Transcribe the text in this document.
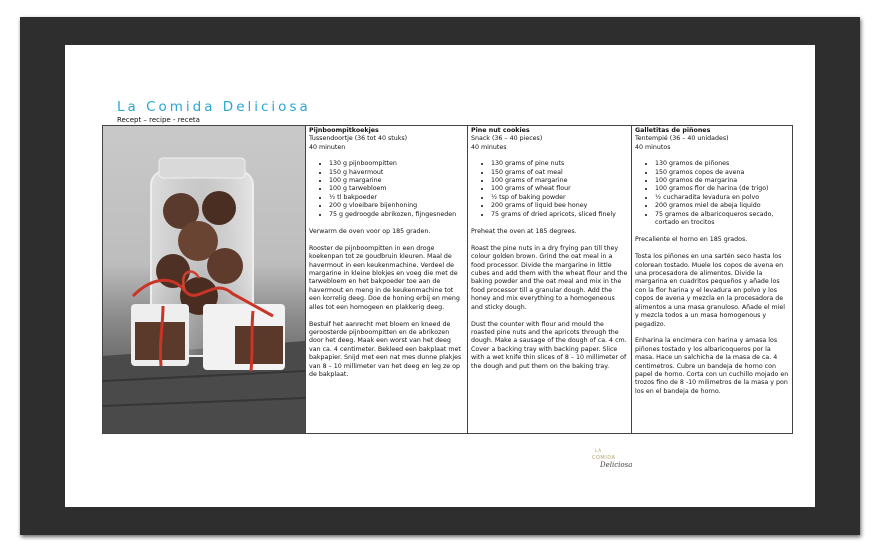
La Comida Deliciosa
Recept – recipe - receta
Pijnboompitkoekjes
Tussendoortje (36 tot 40 stuks)
40 minuten
• 130 g pijnboompitten
• 150 g havermout
• 100 g margarine
• 100 g tarwebloem
• ½ tl bakpoeder
• 200 g vloeibare bijenhoning
• 75 g gedroogde abrikozen, fijngesneden

Verwarm de oven voor op 185 graden.

Rooster de pijnboompitten in een droge koekenpan tot ze goudbruin kleuren. Maal de havermout in een keukenmachine. Verdeel de margarine in kleine blokjes en voeg die met de tarwebloem en het bakpoeder toe aan de havermout en meng in de keukenmachine tot een korrelig deeg. Doe de honing erbij en meng alles tot een homogeen en plakkerig deeg.

Bestuif het aanrecht met bloem en kneed de geroosterde pijnboompitten en de abrikozen door het deeg. Maak een worst van het deeg van ca. 4 centimeter. Bekleed een bakplaat met bakpapier. Snijd met een nat mes dunne plakjes van 8 – 10 millimeter van het deeg en leg ze op de bakplaat.

Pine nut cookies
Snack (36 – 40 pieces)
40 minutes
• 130 grams of pine nuts
• 150 grams of oat meal
• 100 grams of margarine
• 100 grams of wheat flour
• ½ tsp of baking powder
• 200 grams of liquid bee honey
• 75 grams of dried apricots, sliced finely

Preheat the oven at 185 degrees.

Roast the pine nuts in a dry frying pan till they colour golden brown. Grind the oat meal in a food processor. Divide the margarine in little cubes and add them with the wheat flour and the baking powder and the oat meal and mix in the food processor till a granular dough. Add the honey and mix everything to a homogeneous and sticky dough.

Dust the counter with flour and mould the roasted pine nuts and the apricots through the dough. Make a sausage of the dough of ca. 4 cm. Cover a backing tray with backing paper. Slice with a wet knife thin slices of 8 – 10 millimeter of the dough and put them on the baking tray.

Galletitas de piñones
Tentempié (36 – 40 unidades)
40 minutos
• 130 gramos de piñones
• 150 gramos copos de avena
• 100 gramos de margarina
• 100 gramos flor de harina (de trigo)
• ½ cucharadita levadura en polvo
• 200 gramos miel de abeja liquido
• 75 gramos de albaricoqueros secado, cortado en trocitos

Precaliente el horno en 185 grados.

Tosta los piñones en una sartén seco hasta los colorean tostado. Muele los copos de avena en una procesadora de alimentos. Divide la margarina en cuadritos pequeños y añade los con la flor harina y el levadura en polvo y los copos de avena y mezcla en la procesadora de alimentos a una masa granuloso. Añade el miel y mezcla todos a un masa homogenous y pegadizo.

Enharina la encimera con harina y amasa los piñones tostado y los albaricoqueros por la masa. Hace un salchicha de la masa de ca. 4 centimetros. Cubre un bandeja de horno con papel de horno. Corta con un cuchillo mojado en trozos fino de 8 -10 milimetros de la masa y pon los en el bandeja de horno.

LA
COMIDA
Deliciosa
